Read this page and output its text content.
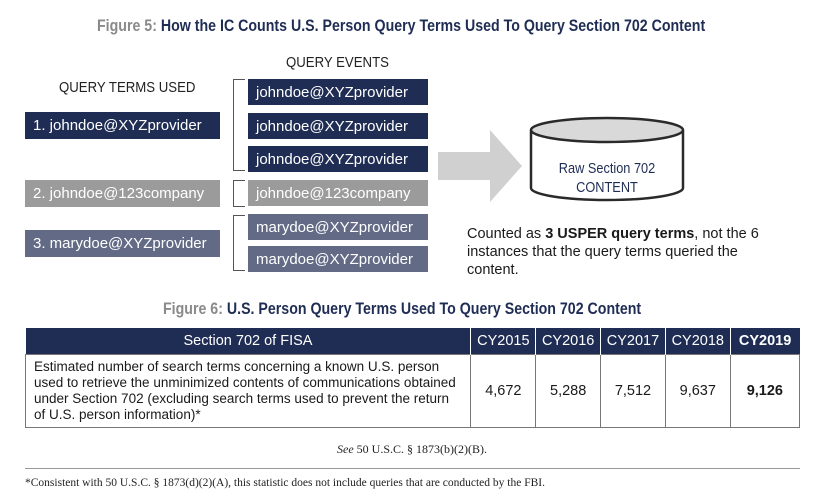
Figure 5: How the IC Counts U.S. Person Query Terms Used To Query Section 702 Content
QUERY TERMS USED
QUERY EVENTS
1. johndoe@XYZprovider
2. johndoe@123company
3. marydoe@XYZprovider
johndoe@XYZprovider
johndoe@XYZprovider
johndoe@XYZprovider
johndoe@123company
marydoe@XYZprovider
marydoe@XYZprovider
Raw Section 702
CONTENT
Counted as 3 USPER query terms, not the 6 instances that the query terms queried the content.
Figure 6: U.S. Person Query Terms Used To Query Section 702 Content
Section 702 of FISA	CY2015	CY2016	CY2017	CY2018	CY2019
Estimated number of search terms concerning a known U.S. person used to retrieve the unminimized contents of communications obtained under Section 702 (excluding search terms used to prevent the return of U.S. person information)*	4,672	5,288	7,512	9,637	9,126
See 50 U.S.C. § 1873(b)(2)(B).
*Consistent with 50 U.S.C. § 1873(d)(2)(A), this statistic does not include queries that are conducted by the FBI.
